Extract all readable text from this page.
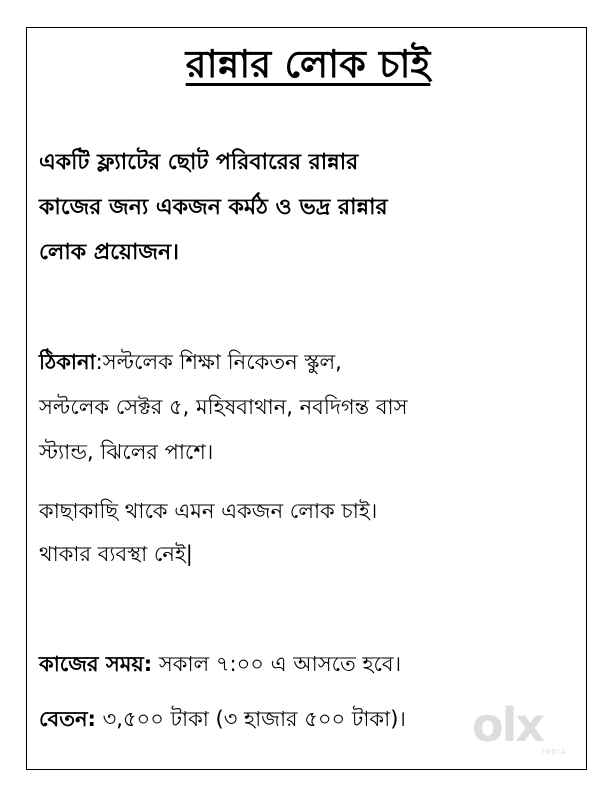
রান্নার লোক চাই
একটি ফ্ল্যাটের ছোট পরিবারের রান্নার
কাজের জন্য একজন কর্মঠ ও ভদ্র রান্নার
লোক প্রয়োজন।
ঠিকানা:সল্টলেক শিক্ষা নিকেতন স্কুল,
সল্টলেক সেক্টর ৫, মহিষবাথান, নবদিগন্ত বাস
স্ট্যান্ড, ঝিলের পাশে।
কাছাকাছি থাকে এমন একজন লোক চাই।
থাকার ব্যবস্থা নেই|
কাজের সময়: সকাল ৭:০০ এ আসতে হবে।
বেতন: ৩,৫০০ টাকা (৩ হাজার ৫০০ টাকা)।	olx
INDIA
